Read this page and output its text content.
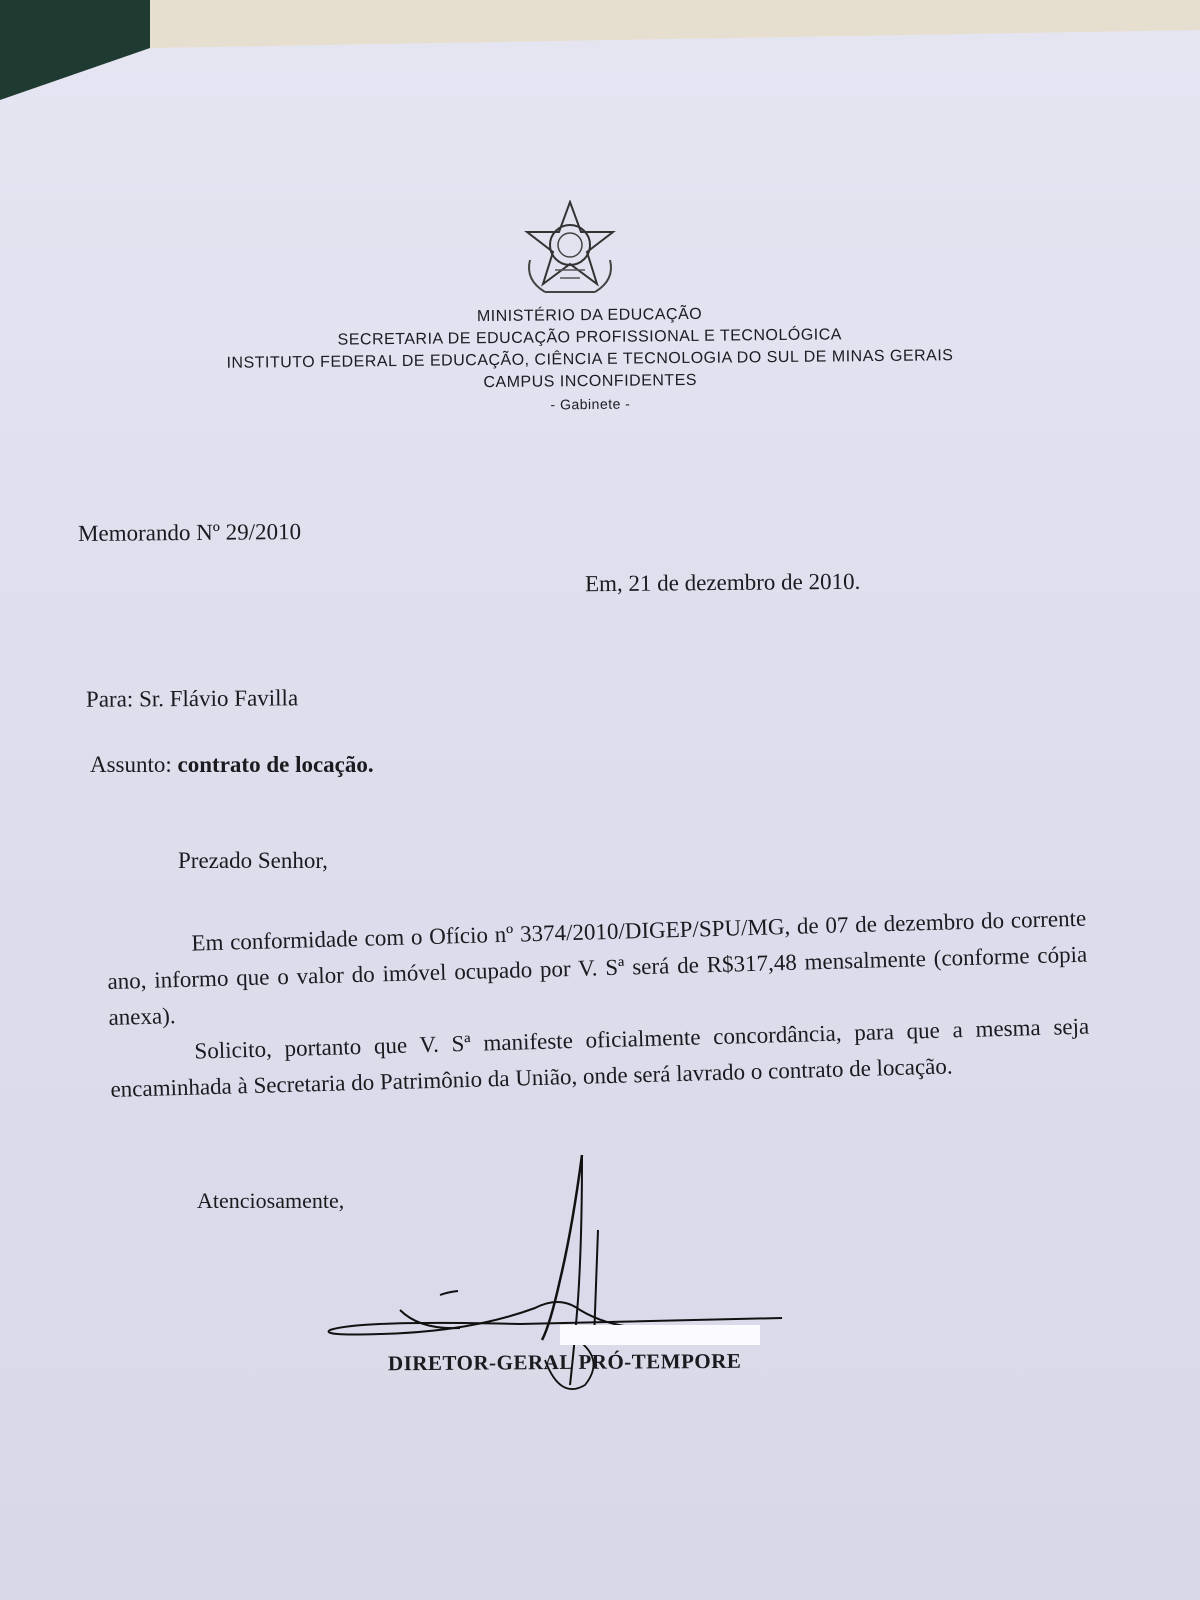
MINISTÉRIO DA EDUCAÇÃO
SECRETARIA DE EDUCAÇÃO PROFISSIONAL E TECNOLÓGICA
INSTITUTO FEDERAL DE EDUCAÇÃO, CIÊNCIA E TECNOLOGIA DO SUL DE MINAS GERAIS
CAMPUS INCONFIDENTES
- Gabinete -
Memorando Nº 29/2010
Em, 21 de dezembro de 2010.
Para: Sr. Flávio Favilla
Assunto: contrato de locação.
Prezado Senhor,

Em conformidade com o Ofício nº 3374/2010/DIGEP/SPU/MG, de 07 de dezembro do corrente ano, informo que o valor do imóvel ocupado por V. Sª será de R$317,48 mensalmente (conforme cópia anexa). Solicito, portanto que V. Sª manifeste oficialmente concordância, para que a mesma seja encaminhada à Secretaria do Patrimônio da União, onde será lavrado o contrato de locação.

Atenciosamente,
DIRETOR-GERAL PRÓ-TEMPORE
